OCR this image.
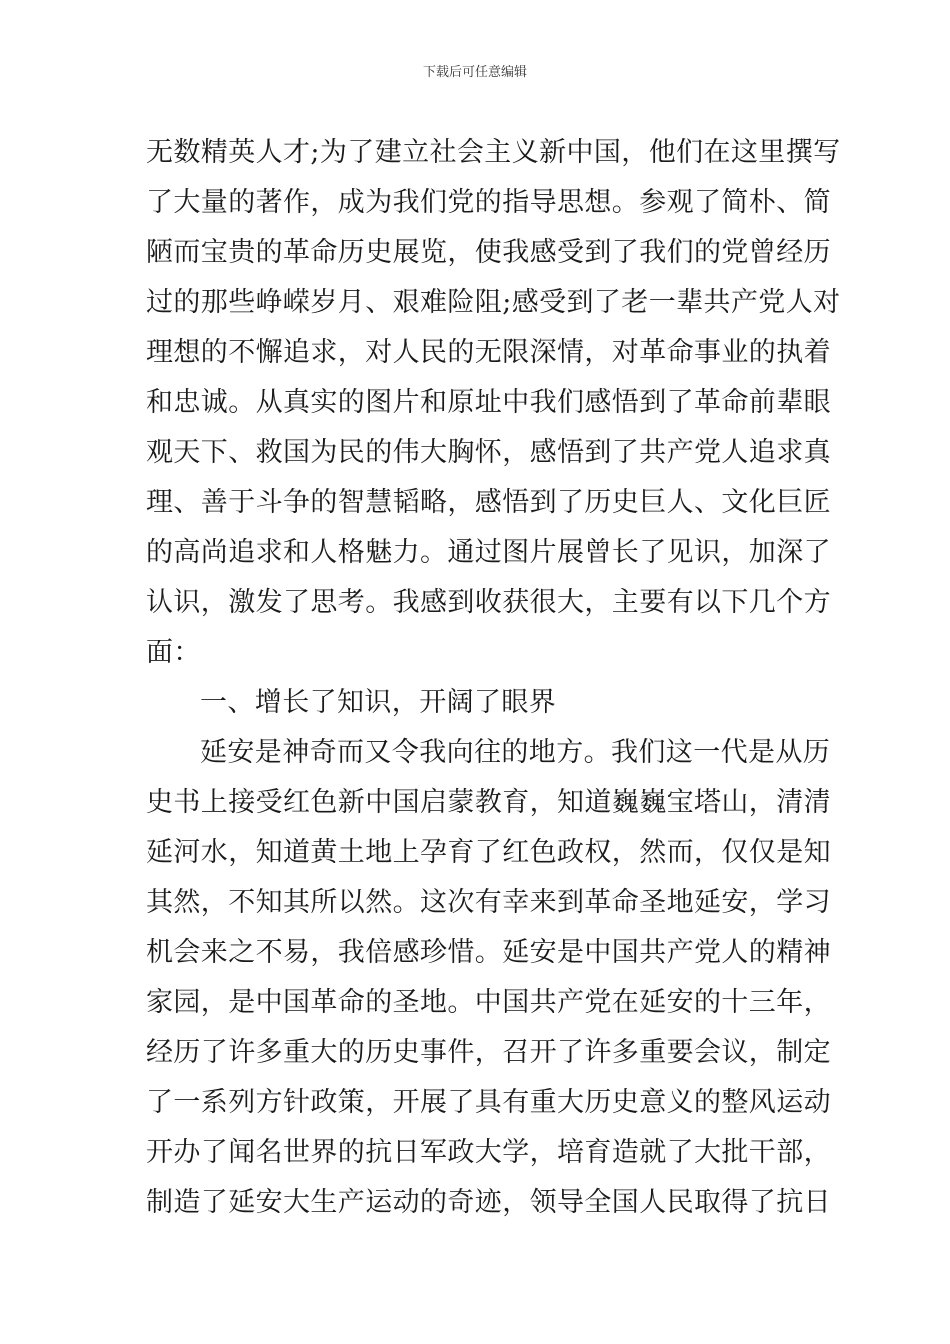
下载后可任意编辑
无数精英人才;为了建立社会主义新中国，他们在这里撰写
了大量的著作，成为我们党的指导思想。参观了简朴、简
陋而宝贵的革命历史展览，使我感受到了我们的党曾经历
过的那些峥嵘岁月、艰难险阻;感受到了老一辈共产党人对
理想的不懈追求，对人民的无限深情，对革命事业的执着
和忠诚。从真实的图片和原址中我们感悟到了革命前辈眼
观天下、救国为民的伟大胸怀，感悟到了共产党人追求真
理、善于斗争的智慧韬略，感悟到了历史巨人、文化巨匠
的高尚追求和人格魅力。通过图片展曾长了见识，加深了
认识，激发了思考。我感到收获很大，主要有以下几个方
面：
一、增长了知识，开阔了眼界
延安是神奇而又令我向往的地方。我们这一代是从历
史书上接受红色新中国启蒙教育，知道巍巍宝塔山，清清
延河水，知道黄土地上孕育了红色政权，然而，仅仅是知
其然，不知其所以然。这次有幸来到革命圣地延安，学习
机会来之不易，我倍感珍惜。延安是中国共产党人的精神
家园，是中国革命的圣地。中国共产党在延安的十三年，
经历了许多重大的历史事件，召开了许多重要会议，制定
了一系列方针政策，开展了具有重大历史意义的整风运动
开办了闻名世界的抗日军政大学，培育造就了大批干部，
制造了延安大生产运动的奇迹，领导全国人民取得了抗日
